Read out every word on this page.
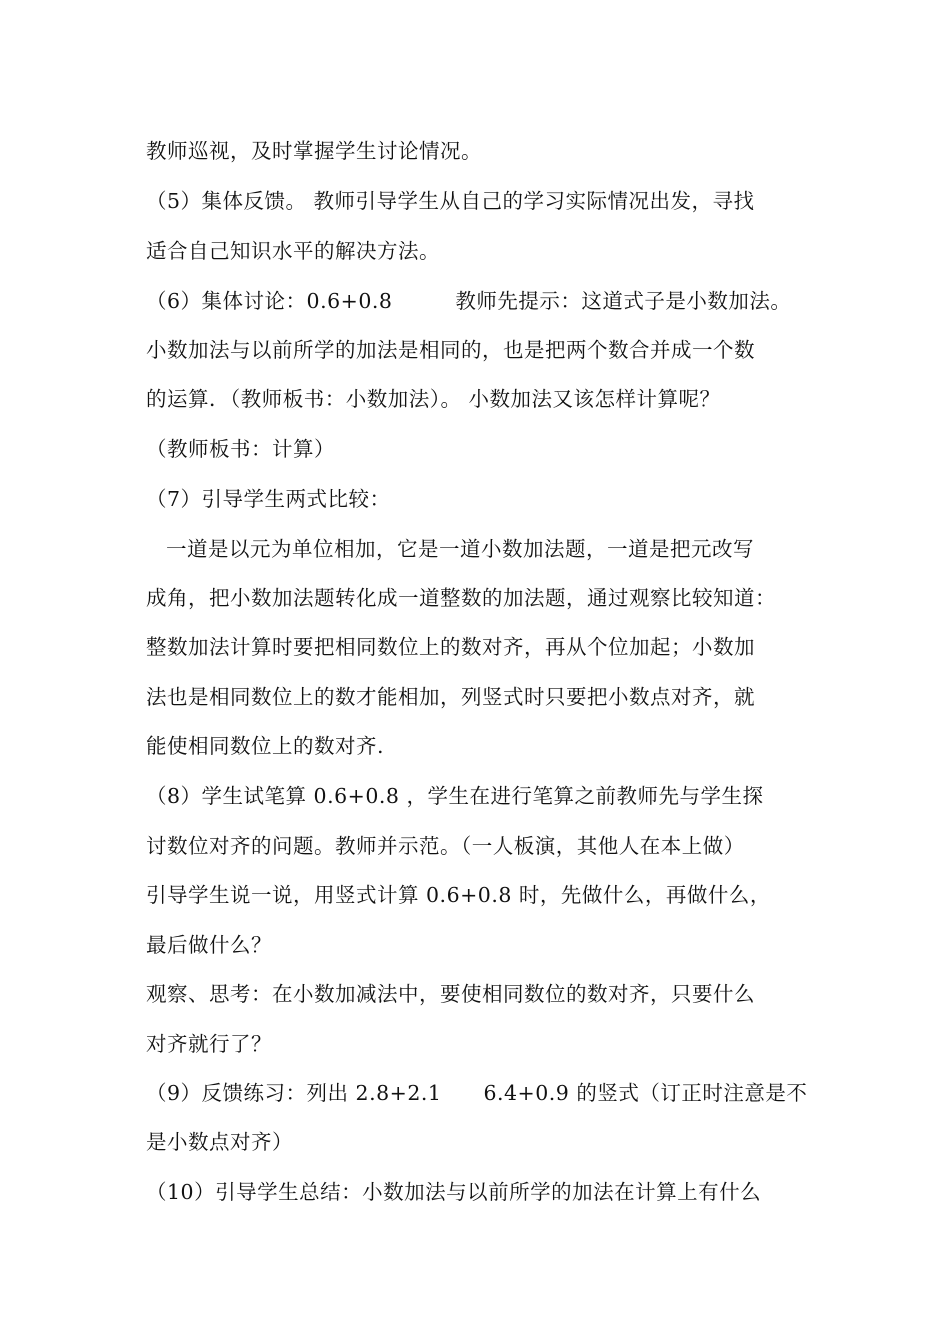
教师巡视，及时掌握学生讨论情况。
（5）集体反馈。 教师引导学生从自己的学习实际情况出发，寻找
适合自己知识水平的解决方法。
（6）集体讨论：0.6+0.8　　　教师先提示：这道式子是小数加法。
小数加法与以前所学的加法是相同的，也是把两个数合并成一个数
的运算．（教师板书：小数加法）。 小数加法又该怎样计算呢？
（教师板书：计算）
（7）引导学生两式比较：
一道是以元为单位相加，它是一道小数加法题，一道是把元改写
成角，把小数加法题转化成一道整数的加法题，通过观察比较知道：
整数加法计算时要把相同数位上的数对齐，再从个位加起；小数加
法也是相同数位上的数才能相加，列竖式时只要把小数点对齐，就
能使相同数位上的数对齐.
（8）学生试笔算 0.6+0.8 ，学生在进行笔算之前教师先与学生探
讨数位对齐的问题。教师并示范。（一人板演，其他人在本上做）
引导学生说一说，用竖式计算 0.6+0.8 时，先做什么，再做什么，
最后做什么？
观察、思考：在小数加减法中，要使相同数位的数对齐，只要什么
对齐就行了？
（9）反馈练习：列出 2.8+2.1　　6.4+0.9 的竖式（订正时注意是不
是小数点对齐）
（10）引导学生总结：小数加法与以前所学的加法在计算上有什么
